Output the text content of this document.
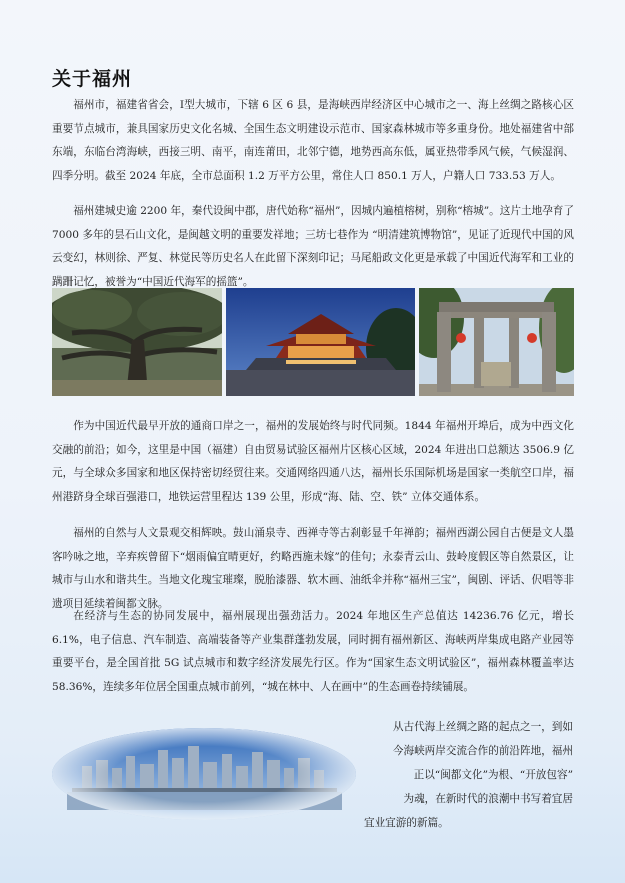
关于福州

福州市，福建省省会，Ⅰ型大城市，下辖 6 区 6 县，是海峡西岸经济区中心城市之一、海上丝绸之路核心区重要节点城市，兼具国家历史文化名城、全国生态文明建设示范市、国家森林城市等多重身份。地处福建省中部东端，东临台湾海峡，西接三明、南平，南连莆田，北邻宁德，地势西高东低，属亚热带季风气候，气候湿润、四季分明。截至 2024 年底，全市总面积 1.2 万平方公里，常住人口 850.1 万人，户籍人口 733.53 万人。

福州建城史逾 2200 年，秦代设闽中郡，唐代始称“福州”，因城内遍植榕树，别称“榕城”。这片土地孕育了 7000 多年的昙石山文化，是闽越文明的重要发祥地；三坊七巷作为 “明清建筑博物馆”，见证了近现代中国的风云变幻，林则徐、严复、林觉民等历史名人在此留下深刻印记；马尾船政文化更是承载了中国近代海军和工业的蹒跚记忆，被誉为“中国近代海军的摇篮”。

作为中国近代最早开放的通商口岸之一，福州的发展始终与时代同频。1844 年福州开埠后，成为中西文化交融的前沿；如今，这里是中国（福建）自由贸易试验区福州片区核心区域，2024 年进出口总额达 3506.9 亿元，与全球众多国家和地区保持密切经贸往来。交通网络四通八达，福州长乐国际机场是国家一类航空口岸，福州港跻身全球百强港口，地铁运营里程达 139 公里，形成“海、陆、空、铁” 立体交通体系。

福州的自然与人文景观交相辉映。鼓山涌泉寺、西禅寺等古刹彰显千年禅韵；福州西湖公园自古便是文人墨客吟咏之地，辛弃疾曾留下“烟雨偏宜晴更好，约略西施未嫁”的佳句；永泰青云山、鼓岭度假区等自然景区，让城市与山水和谐共生。当地文化瑰宝璀璨，脱胎漆器、软木画、油纸伞并称“福州三宝”，闽剧、评话、伬唱等非遗项目延续着闽都文脉。

在经济与生态的协同发展中，福州展现出强劲活力。2024 年地区生产总值达 14236.76 亿元，增长 6.1%，电子信息、汽车制造、高端装备等产业集群蓬勃发展，同时拥有福州新区、海峡两岸集成电路产业园等重要平台，是全国首批 5G 试点城市和数字经济发展先行区。作为“国家生态文明试验区”，福州森林覆盖率达 58.36%，连续多年位居全国重点城市前列，“城在林中、人在画中”的生态画卷持续铺展。

从古代海上丝绸之路的起点之一，到如

今海峡两岸交流合作的前沿阵地，福州

正以“闽都文化”为根、“开放包容”

为魂，在新时代的浪潮中书写着宜居

宜业宜游的新篇。
